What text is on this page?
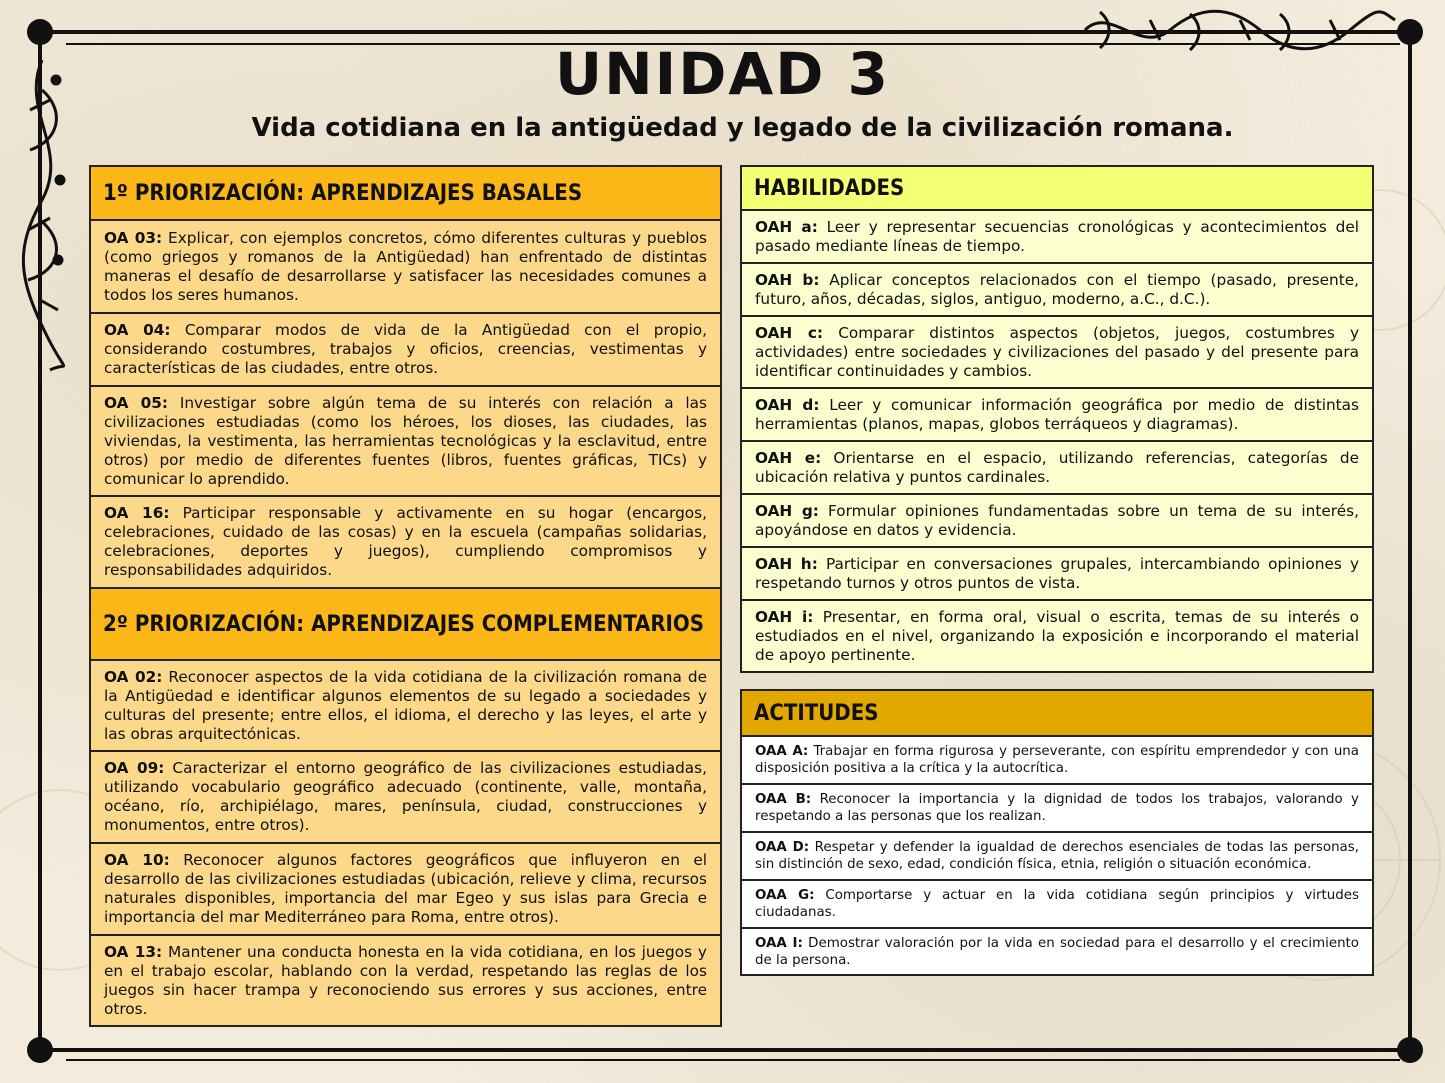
UNIDAD 3
Vida cotidiana en la antigüedad y legado de la civilización romana.
1º PRIORIZACIÓN: APRENDIZAJES BASALES

OA 03: Explicar, con ejemplos concretos, cómo diferentes culturas y pueblos (como griegos y romanos de la Antigüedad) han enfrentado de distintas maneras el desafío de desarrollarse y satisfacer las necesidades comunes a todos los seres humanos.

OA 04: Comparar modos de vida de la Antigüedad con el propio, considerando costumbres, trabajos y oficios, creencias, vestimentas y características de las ciudades, entre otros.

OA 05: Investigar sobre algún tema de su interés con relación a las civilizaciones estudiadas (como los héroes, los dioses, las ciudades, las viviendas, la vestimenta, las herramientas tecnológicas y la esclavitud, entre otros) por medio de diferentes fuentes (libros, fuentes gráficas, TICs) y comunicar lo aprendido.

OA 16: Participar responsable y activamente en su hogar (encargos, celebraciones, cuidado de las cosas) y en la escuela (campañas solidarias, celebraciones, deportes y juegos), cumpliendo compromisos y responsabilidades adquiridos.

2º PRIORIZACIÓN: APRENDIZAJES COMPLEMENTARIOS

OA 02: Reconocer aspectos de la vida cotidiana de la civilización romana de la Antigüedad e identificar algunos elementos de su legado a sociedades y culturas del presente; entre ellos, el idioma, el derecho y las leyes, el arte y las obras arquitectónicas.

OA 09: Caracterizar el entorno geográfico de las civilizaciones estudiadas, utilizando vocabulario geográfico adecuado (continente, valle, montaña, océano, río, archipiélago, mares, península, ciudad, construcciones y monumentos, entre otros).

OA 10: Reconocer algunos factores geográficos que influyeron en el desarrollo de las civilizaciones estudiadas (ubicación, relieve y clima, recursos naturales disponibles, importancia del mar Egeo y sus islas para Grecia e importancia del mar Mediterráneo para Roma, entre otros).

OA 13: Mantener una conducta honesta en la vida cotidiana, en los juegos y en el trabajo escolar, hablando con la verdad, respetando las reglas de los juegos sin hacer trampa y reconociendo sus errores y sus acciones, entre otros.

HABILIDADES

OAH a: Leer y representar secuencias cronológicas y acontecimientos del pasado mediante líneas de tiempo.

OAH b: Aplicar conceptos relacionados con el tiempo (pasado, presente, futuro, años, décadas, siglos, antiguo, moderno, a.C., d.C.).

OAH c: Comparar distintos aspectos (objetos, juegos, costumbres y actividades) entre sociedades y civilizaciones del pasado y del presente para identificar continuidades y cambios.

OAH d: Leer y comunicar información geográfica por medio de distintas herramientas (planos, mapas, globos terráqueos y diagramas).

OAH e: Orientarse en el espacio, utilizando referencias, categorías de ubicación relativa y puntos cardinales.

OAH g: Formular opiniones fundamentadas sobre un tema de su interés, apoyándose en datos y evidencia.

OAH h: Participar en conversaciones grupales, intercambiando opiniones y respetando turnos y otros puntos de vista.

OAH i: Presentar, en forma oral, visual o escrita, temas de su interés o estudiados en el nivel, organizando la exposición e incorporando el material de apoyo pertinente.

ACTITUDES

OAA A: Trabajar en forma rigurosa y perseverante, con espíritu emprendedor y con una disposición positiva a la crítica y la autocrítica.

OAA B: Reconocer la importancia y la dignidad de todos los trabajos, valorando y respetando a las personas que los realizan.

OAA D: Respetar y defender la igualdad de derechos esenciales de todas las personas, sin distinción de sexo, edad, condición física, etnia, religión o situación económica.

OAA G: Comportarse y actuar en la vida cotidiana según principios y virtudes ciudadanas.

OAA I: Demostrar valoración por la vida en sociedad para el desarrollo y el crecimiento de la persona.
